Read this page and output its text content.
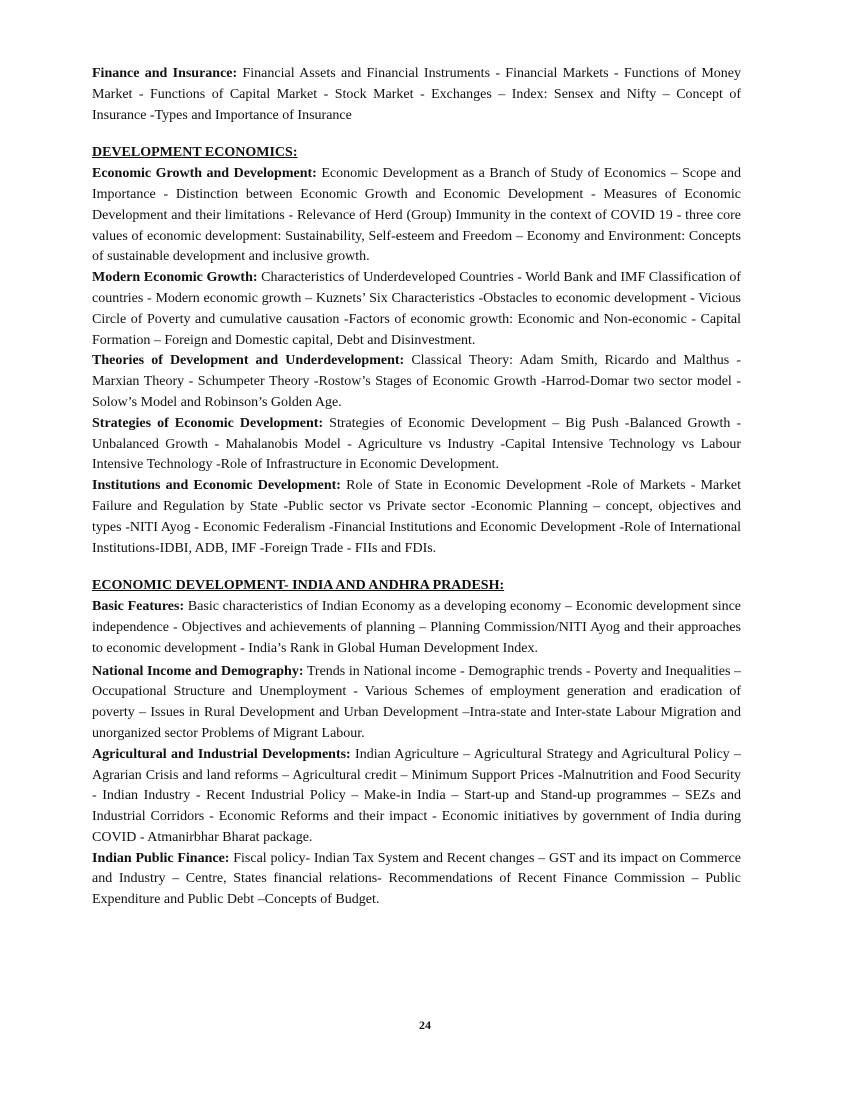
Finance and Insurance: Financial Assets and Financial Instruments - Financial Markets - Functions of Money Market - Functions of Capital Market - Stock Market - Exchanges – Index: Sensex and Nifty – Concept of Insurance -Types and Importance of Insurance

DEVELOPMENT ECONOMICS:

Economic Growth and Development: Economic Development as a Branch of Study of Economics – Scope and Importance - Distinction between Economic Growth and Economic Development - Measures of Economic Development and their limitations - Relevance of Herd (Group) Immunity in the context of COVID 19 - three core values of economic development: Sustainability, Self-esteem and Freedom – Economy and Environment: Concepts of sustainable development and inclusive growth.

Modern Economic Growth: Characteristics of Underdeveloped Countries - World Bank and IMF Classification of countries - Modern economic growth – Kuznets’ Six Characteristics -Obstacles to economic development - Vicious Circle of Poverty and cumulative causation -Factors of economic growth: Economic and Non-economic - Capital Formation – Foreign and Domestic capital, Debt and Disinvestment.

Theories of Development and Underdevelopment: Classical Theory: Adam Smith, Ricardo and Malthus -Marxian Theory - Schumpeter Theory -Rostow’s Stages of Economic Growth -Harrod-Domar two sector model -Solow’s Model and Robinson’s Golden Age.

Strategies of Economic Development: Strategies of Economic Development – Big Push -Balanced Growth -Unbalanced Growth - Mahalanobis Model - Agriculture vs Industry -Capital Intensive Technology vs Labour Intensive Technology -Role of Infrastructure in Economic Development.

Institutions and Economic Development: Role of State in Economic Development -Role of Markets - Market Failure and Regulation by State -Public sector vs Private sector -Economic Planning – concept, objectives and types -NITI Ayog - Economic Federalism -Financial Institutions and Economic Development -Role of International Institutions-IDBI, ADB, IMF -Foreign Trade - FIIs and FDIs.

ECONOMIC DEVELOPMENT- INDIA AND ANDHRA PRADESH:

Basic Features: Basic characteristics of Indian Economy as a developing economy – Economic development since independence - Objectives and achievements of planning – Planning Commission/NITI Ayog and their approaches to economic development - India’s Rank in Global Human Development Index.

National Income and Demography: Trends in National income - Demographic trends - Poverty and Inequalities – Occupational Structure and Unemployment - Various Schemes of employment generation and eradication of poverty – Issues in Rural Development and Urban Development –Intra-state and Inter-state Labour Migration and unorganized sector Problems of Migrant Labour.

Agricultural and Industrial Developments: Indian Agriculture – Agricultural Strategy and Agricultural Policy – Agrarian Crisis and land reforms – Agricultural credit – Minimum Support Prices -Malnutrition and Food Security - Indian Industry - Recent Industrial Policy – Make-in India – Start-up and Stand-up programmes – SEZs and Industrial Corridors - Economic Reforms and their impact - Economic initiatives by government of India during COVID - Atmanirbhar Bharat package.

Indian Public Finance: Fiscal policy- Indian Tax System and Recent changes – GST and its impact on Commerce and Industry – Centre, States financial relations- Recommendations of Recent Finance Commission – Public Expenditure and Public Debt –Concepts of Budget.

24
